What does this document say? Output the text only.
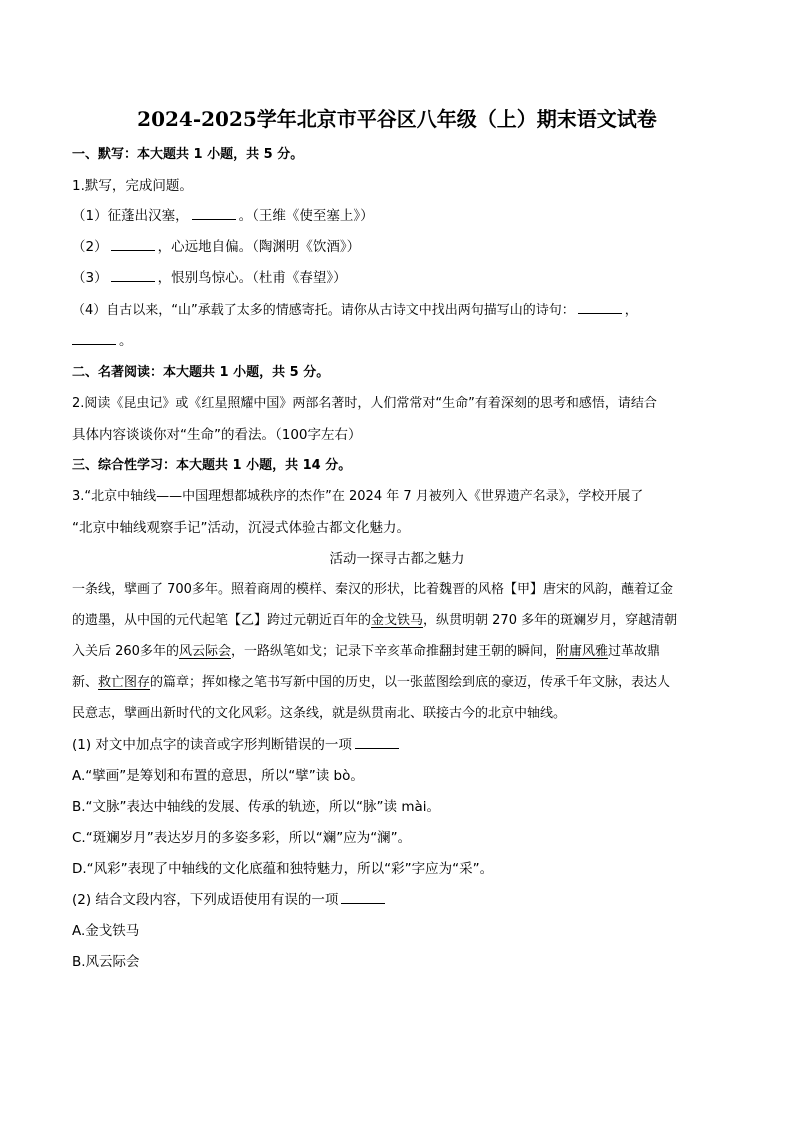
2024-2025学年北京市平谷区八年级（上）期末语文试卷
一、默写：本大题共 1 小题，共 5 分。
1.默写，完成问题。
（1）征蓬出汉塞，	。（王维《使至塞上》）
（2）	，心远地自偏。（陶渊明《饮酒》）
（3）	，恨别鸟惊心。（杜甫《春望》）
（4）自古以来，“山”承载了太多的情感寄托。请你从古诗文中找出两句描写山的诗句：	，
。
二、名著阅读：本大题共 1 小题，共 5 分。
2.阅读《昆虫记》或《红星照耀中国》两部名著时，人们常常对“生命”有着深刻的思考和感悟，请结合
具体内容谈谈你对“生命”的看法。（100字左右）
三、综合性学习：本大题共 1 小题，共 14 分。
3.“北京中轴线——中国理想都城秩序的杰作”在 2024 年 7 月被列入《世界遗产名录》，学校开展了
“北京中轴线观察手记”活动，沉浸式体验古都文化魅力。
活动一探寻古都之魅力
一条线，擘画了 700多年。照着商周的模样、秦汉的形状，比着魏晋的风格【甲】唐宋的风韵，蘸着辽金
的遗墨，从中国的元代起笔【乙】跨过元朝近百年的金戈铁马，纵贯明朝 270 多年的斑斓岁月，穿越清朝
入关后 260多年的风云际会，一路纵笔如戈；记录下辛亥革命推翻封建王朝的瞬间，附庸风雅过革故鼎
新、救亡图存的篇章；挥如椽之笔书写新中国的历史，以一张蓝图绘到底的豪迈，传承千年文脉，表达人
民意志，擘画出新时代的文化风彩。这条线，就是纵贯南北、联接古今的北京中轴线。
(1) 对文中加点字的读音或字形判断错误的一项
A.“擘画”是筹划和布置的意思，所以“擘”读 bò。
B.“文脉”表达中轴线的发展、传承的轨迹，所以“脉”读 mài。
C.“斑斓岁月”表达岁月的多姿多彩，所以“斓”应为“澜”。
D.“风彩”表现了中轴线的文化底蕴和独特魅力，所以“彩”字应为“采”。
(2) 结合文段内容，下列成语使用有误的一项
A.金戈铁马
B.风云际会
